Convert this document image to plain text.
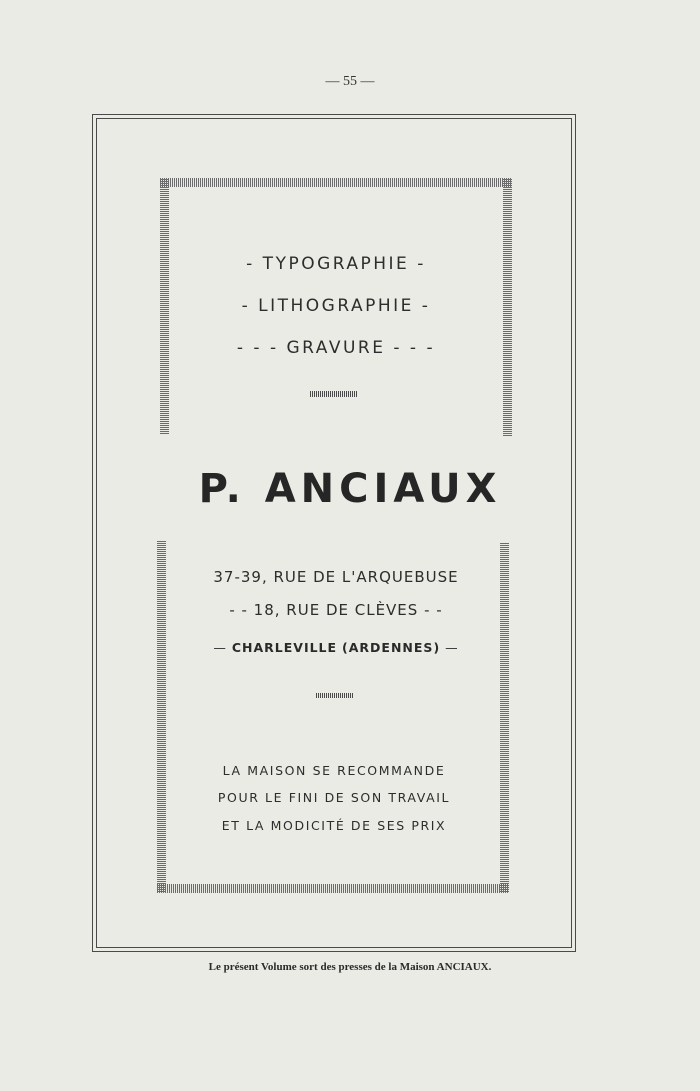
— 55 —
- TYPOGRAPHIE -
- LITHOGRAPHIE -
- - - GRAVURE - - -
P. ANCIAUX
37-39, RUE DE L'ARQUEBUSE
- - 18, RUE DE CLÈVES - -
— CHARLEVILLE (ARDENNES) —
LA MAISON SE RECOMMANDE
POUR LE FINI DE SON TRAVAIL
ET LA MODICITÉ DE SES PRIX
Le présent Volume sort des presses de la Maison ANCIAUX.
